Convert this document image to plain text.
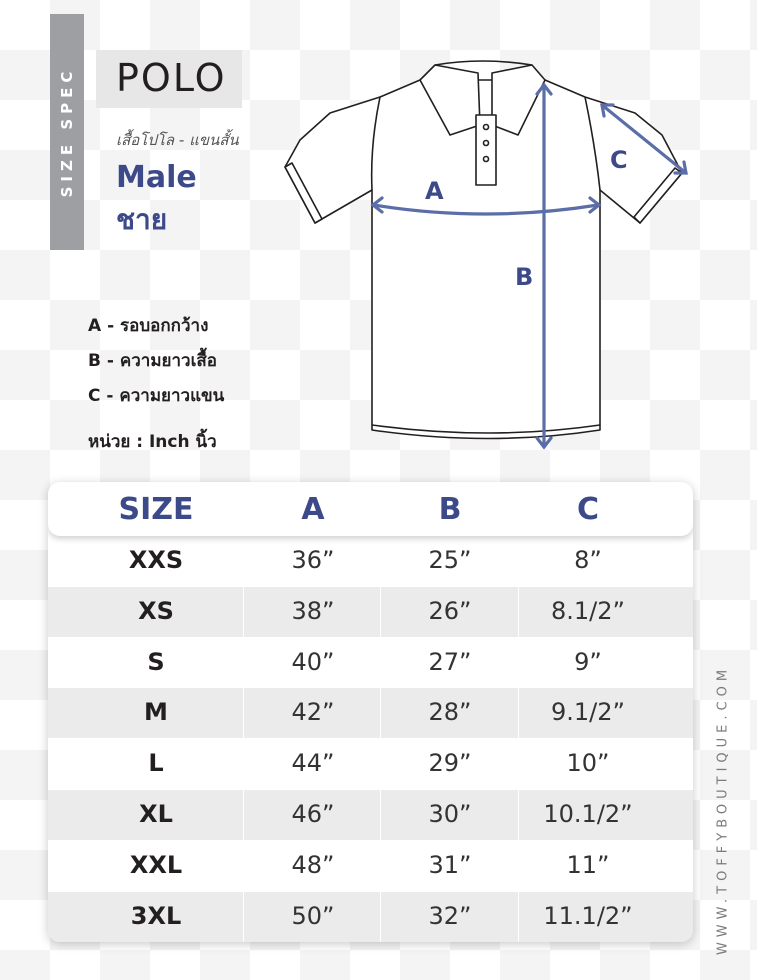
SIZE SPEC POLO
เสื้อโปโล - แขนสั้น
Male
ชาย
A - รอบอกกว้าง
B - ความยาวเสื้อ
C - ความยาวแขน
หน่วย : Inch นิ้ว
A
B
C
WWW.TOFFYBOUTIQUE.COM
SIZE	A	B	C
XXS	36”	25”	8”
XS	38”	26”	8.1/2”
S	40”	27”	9”
M	42”	28”	9.1/2”
L	44”	29”	10”
XL	46”	30”	10.1/2”
XXL	48”	31”	11”
3XL	50”	32”	11.1/2”
